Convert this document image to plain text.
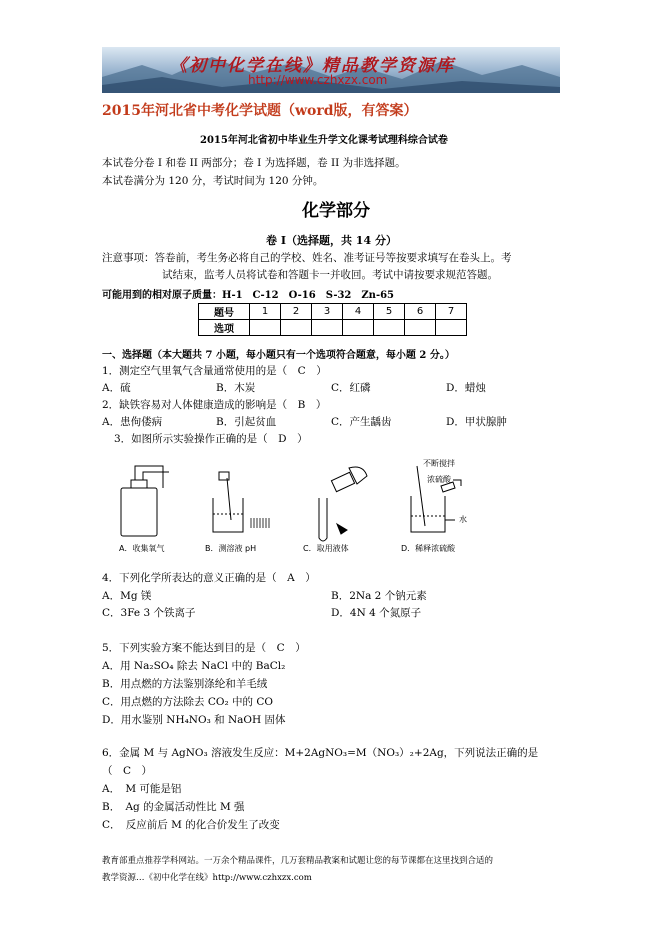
《初中化学在线》精品教学资源库
http://www.czhxzx.com
2015年河北省中考化学试题（word版，有答案）
2015年河北省初中毕业生升学文化课考试理科综合试卷
本试卷分卷 I 和卷 II 两部分；卷 I 为选择题，卷 II 为非选择题。
本试卷满分为 120 分，考试时间为 120 分钟。
化学部分
卷 I（选择题，共 14 分）
注意事项：答卷前，考生务必将自己的学校、姓名、准考证号等按要求填写在卷头上。考
试结束，监考人员将试卷和答题卡一并收回。考试中请按要求规范答题。
可能用到的相对原子质量：H-1　C-12　O-16　S-32　Zn-65
题号	1	2	3	4	5	6	7
选项							
一、选择题（本大题共 7 小题，每小题只有一个选项符合题意，每小题 2 分。）
1．测定空气里氧气含量通常使用的是（　C　）
A．硫	B．木炭	C．红磷	D．蜡烛
2．缺铁容易对人体健康造成的影响是（　B　）
A．患佝偻病	B．引起贫血	C．产生龋齿	D．甲状腺肿
3．如图所示实验操作正确的是（　D　）
不断搅拌
浓硫酸
水
A．收集氧气	B．测溶液 pH	C．取用液体	D．稀释浓硫酸
4．下列化学所表达的意义正确的是（　A　）
A．Mg 镁	B．2Na 2 个钠元素
C．3Fe 3 个铁离子	D．4N 4 个氮原子
5．下列实验方案不能达到目的是（　C　）
A．用 Na₂SO₄ 除去 NaCl 中的 BaCl₂
B．用点燃的方法鉴别涤纶和羊毛绒
C．用点燃的方法除去 CO₂ 中的 CO
D．用水鉴别 NH₄NO₃ 和 NaOH 固体
6．金属 M 与 AgNO₃ 溶液发生反应：M+2AgNO₃=M（NO₃）₂+2Ag，下列说法正确的是
（　C　）
A．　M 可能是铝
B．　Ag 的金属活动性比 M 强
C．　反应前后 M 的化合价发生了改变
教育部重点推荐学科网站。一万余个精品课件，几万套精品教案和试题让您的每节课都在这里找到合适的
教学资源…《初中化学在线》http://www.czhxzx.com
